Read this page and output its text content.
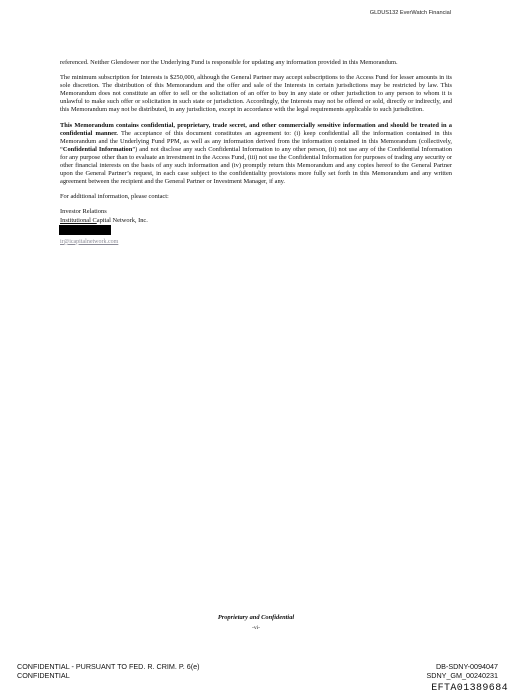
GLDUS132 EverWatch Financial

referenced. Neither Glendower nor the Underlying Fund is responsible for updating any information provided in this Memorandum.

The minimum subscription for Interests is $250,000, although the General Partner may accept subscriptions to the Access Fund for lesser amounts in its sole discretion. The distribution of this Memorandum and the offer and sale of the Interests in certain jurisdictions may be restricted by law. This Memorandum does not constitute an offer to sell or the solicitation of an offer to buy in any state or other jurisdiction to any person to whom it is unlawful to make such offer or solicitation in such state or jurisdiction. Accordingly, the Interests may not be offered or sold, directly or indirectly, and this Memorandum may not be distributed, in any jurisdiction, except in accordance with the legal requirements applicable to such jurisdiction.

This Memorandum contains confidential, proprietary, trade secret, and other commercially sensitive information and should be treated in a confidential manner. The acceptance of this document constitutes an agreement to: (i) keep confidential all the information contained in this Memorandum and the Underlying Fund PPM, as well as any information derived from the information contained in this Memorandum (collectively, “Confidential Information”) and not disclose any such Confidential Information to any other person, (ii) not use any of the Confidential Information for any purpose other than to evaluate an investment in the Access Fund, (iii) not use the Confidential Information for purposes of trading any security or other financial interests on the basis of any such information and (iv) promptly return this Memorandum and any copies hereof to the General Partner upon the General Partner’s request, in each case subject to the confidentiality provisions more fully set forth in this Memorandum and any written agreement between the recipient and the General Partner or Investment Manager, if any.

For additional information, please contact:

Investor Relations
Institutional Capital Network, Inc.
ir@icapitalnetwork.com
Proprietary and Confidential
-vi-
CONFIDENTIAL - PURSUANT TO FED. R. CRIM. P. 6(e)
CONFIDENTIAL
DB-SDNY-0094047
SDNY_GM_00240231
EFTA01389684
